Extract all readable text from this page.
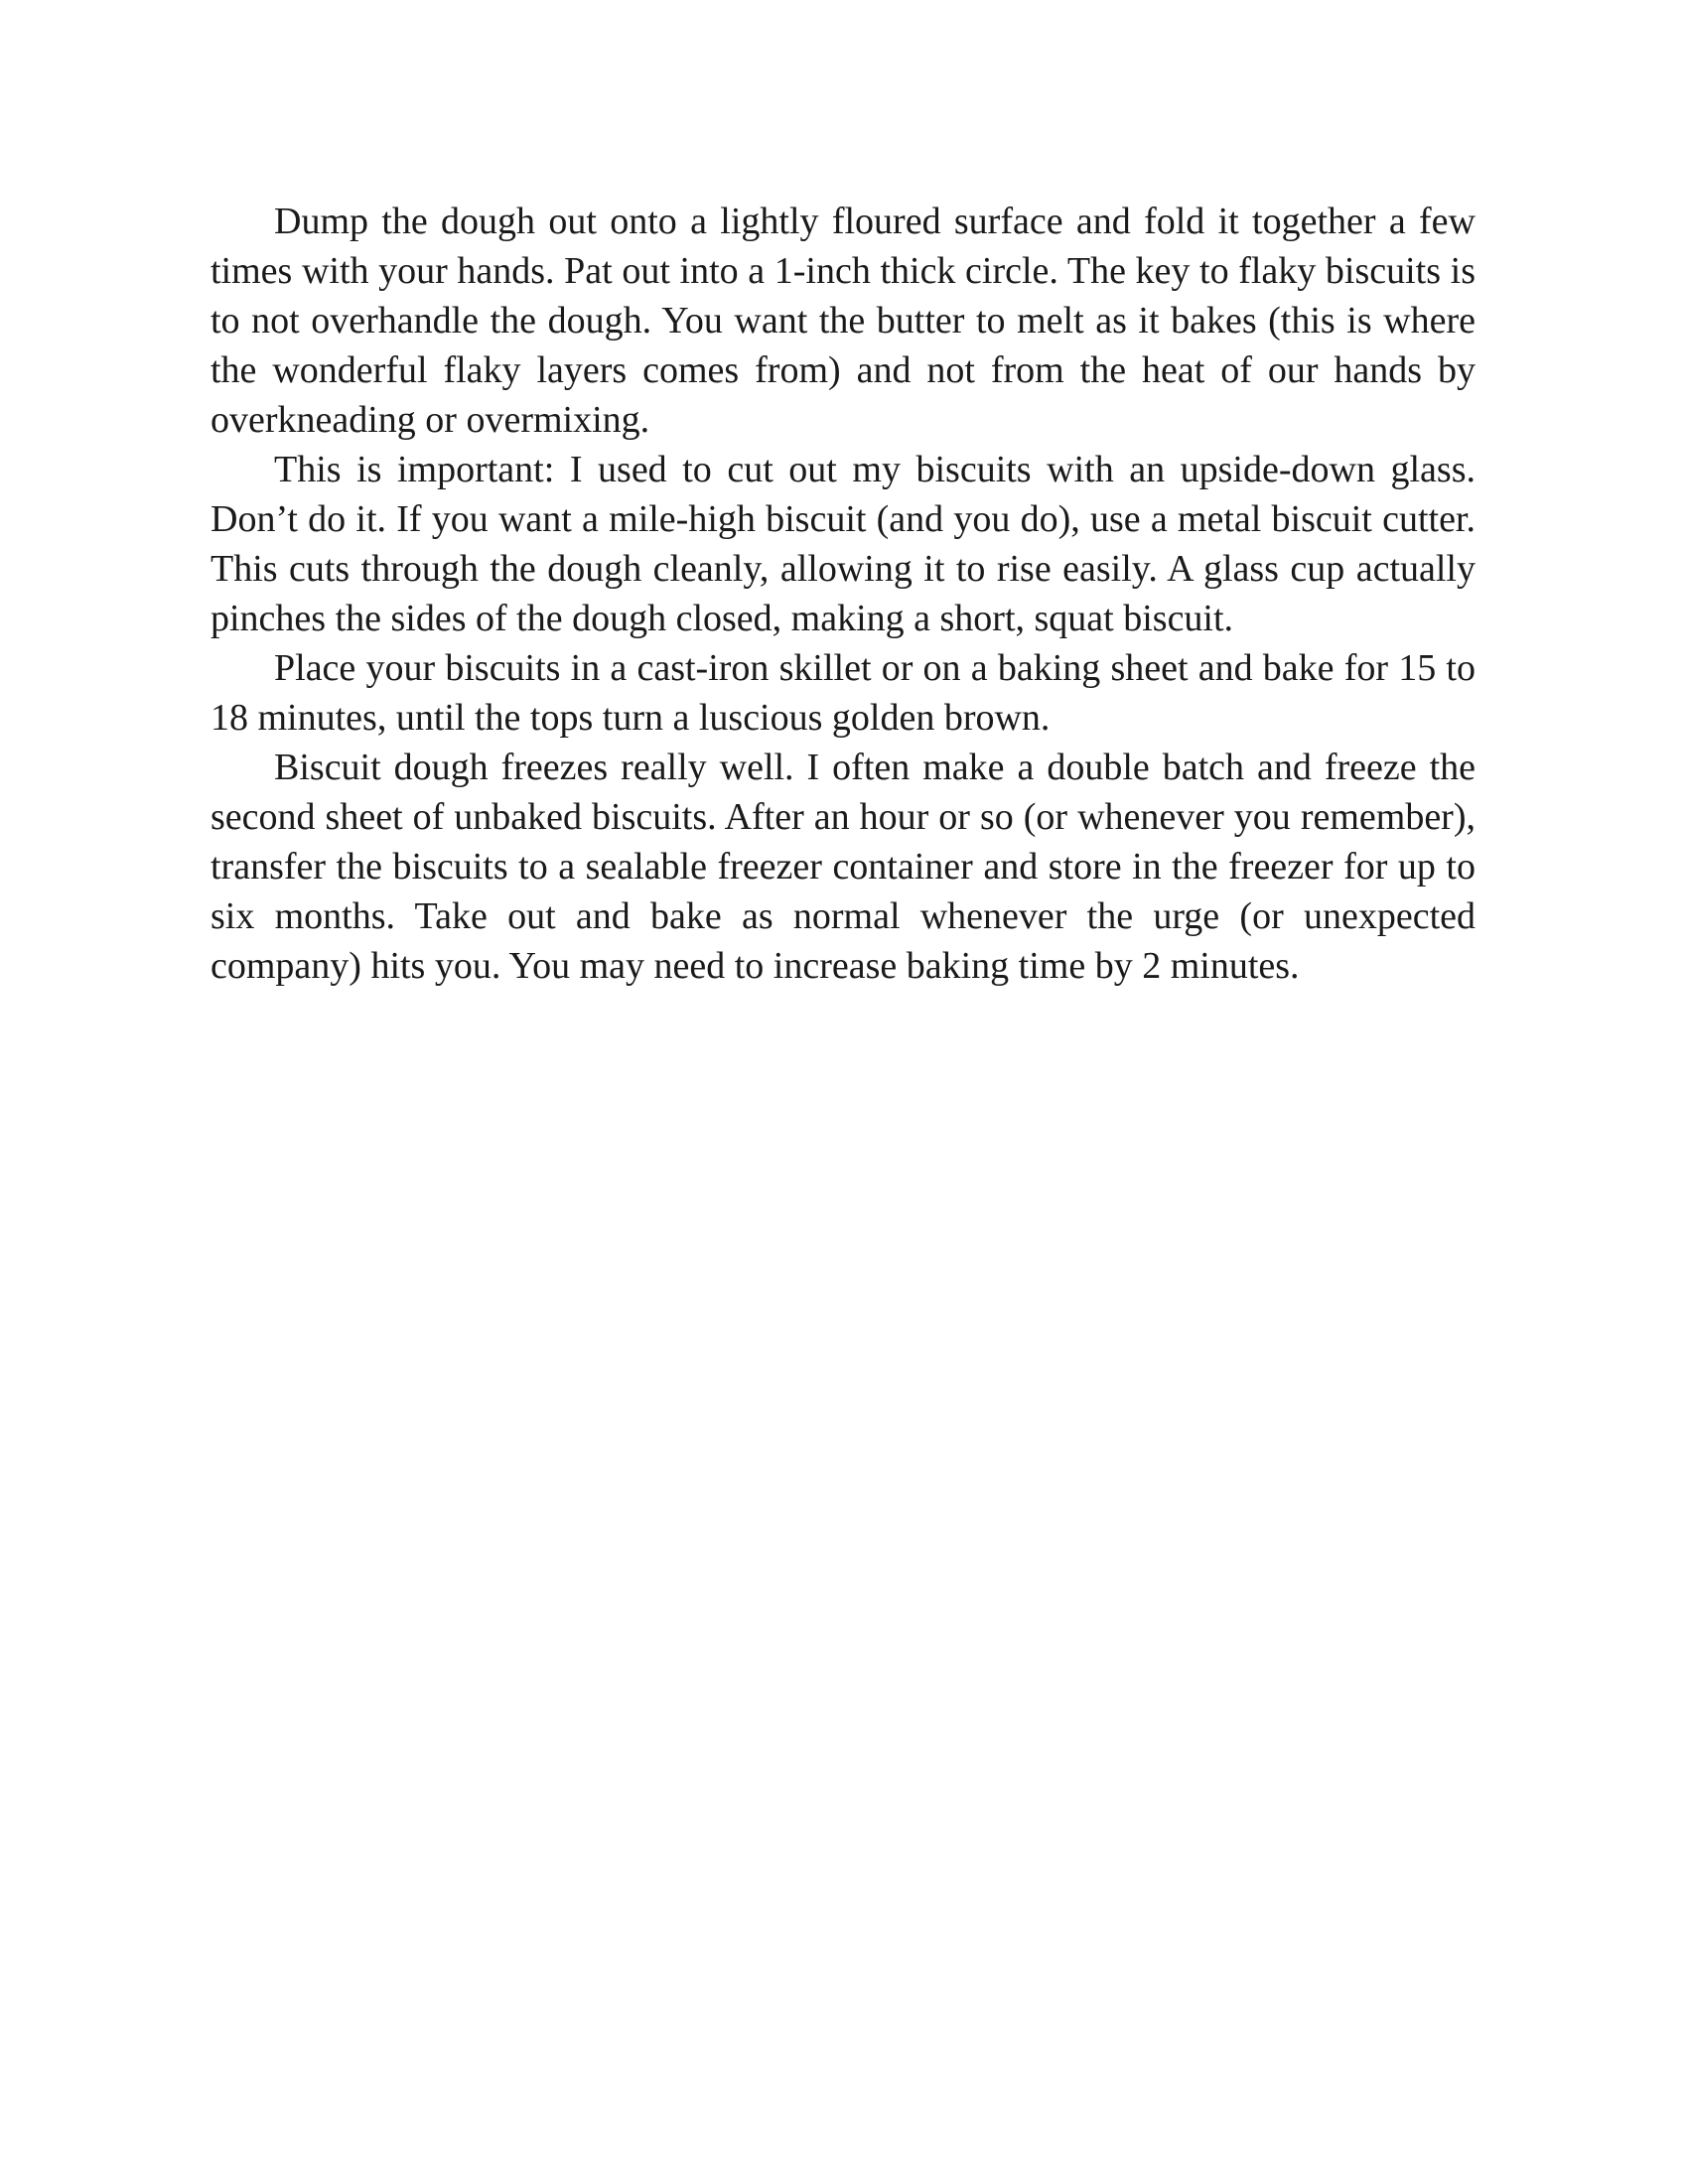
Dump the dough out onto a lightly floured surface and fold it together a few times with your hands. Pat out into a 1-inch thick circle. The key to flaky biscuits is to not overhandle the dough. You want the butter to melt as it bakes (this is where the wonderful flaky layers comes from) and not from the heat of our hands by overkneading or overmixing.

This is important: I used to cut out my biscuits with an upside-down glass. Don’t do it. If you want a mile-high biscuit (and you do), use a metal biscuit cutter. This cuts through the dough cleanly, allowing it to rise easily. A glass cup actually pinches the sides of the dough closed, making a short, squat biscuit.

Place your biscuits in a cast-iron skillet or on a baking sheet and bake for 15 to 18 minutes, until the tops turn a luscious golden brown.

Biscuit dough freezes really well. I often make a double batch and freeze the second sheet of unbaked biscuits. After an hour or so (or whenever you remember), transfer the biscuits to a sealable freezer container and store in the freezer for up to six months. Take out and bake as normal whenever the urge (or unexpected company) hits you. You may need to increase baking time by 2 minutes.
